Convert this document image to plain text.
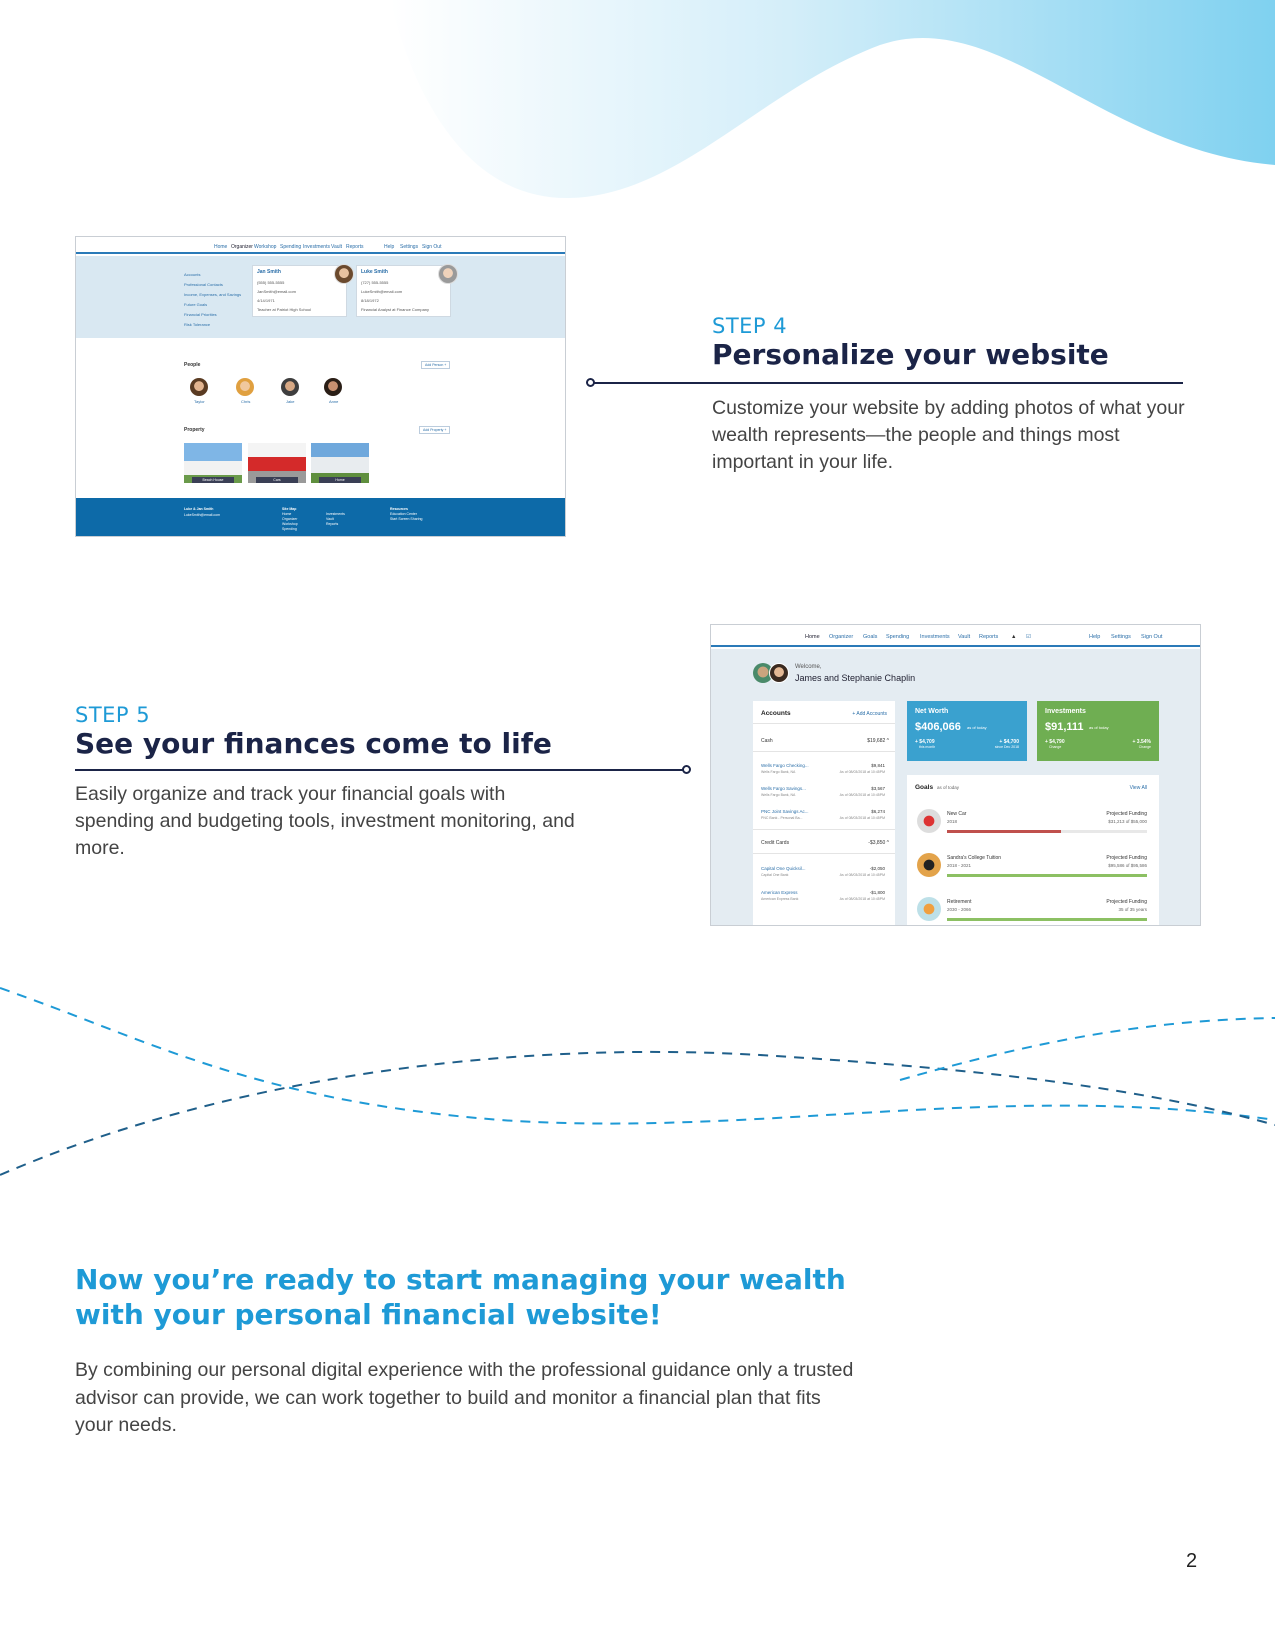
Home Organizer Workshop Spending Investments Vault Reports	Help Settings Sign Out
Accounts
Professional Contacts
Income, Expenses, and Savings
Future Goals
Financial Priorities
Risk Tolerance
Jan Smith
(555) 555-5555
JanSmith@email.com
4/14/1971
Teacher at Patriot High School
Luke Smith
(727) 555-5555
LukeSmith@email.com
8/18/1972
Financial Analyst at Finance Company
People	Add Person +
Taylor	Chris	Jake	Anne
Property	Add Property +
Beach House	Cars	Home
Luke & Jan Smith
LukeSmith@email.com
Site Map
Home
Organizer
Workshop
Spending
Investments
Vault
Reports
Resources
Education Center
Start Screen Sharing
STEP 4
Personalize your website
Customize your website by adding photos of what your wealth represents—the people and things most important in your life.
Home Organizer Goals Spending Investments Vault Reports ▲ ☑	Help Settings Sign Out
Welcome,
James and Stephanie Chaplin
Accounts	+ Add Accounts
Cash	$19,682 ^
Wells Fargo Checking...
Wells Fargo Bank, NA
$9,841
As of 08/03/2018 at 10:45PM
Wells Fargo Savings...
Wells Fargo Bank, NA
$3,567
As of 08/03/2018 at 10:45PM
PNC Joint Savings Ac...
PNC Bank - Personal Ba...
$6,274
As of 08/03/2018 at 10:45PM
Credit Cards	-$3,850 ^
Capital One Quicksil...
Capital One Bank
-$2,050
As of 08/03/2018 at 10:45PM
American Express
American Express Bank
-$1,800
As of 08/03/2018 at 10:45PM
Net Worth
$406,066 as of today
+ $4,709
this month
+ $4,700
since Dec 2018
Investments
$91,111 as of today
+ $4,790
Change
+ 3.54%
Change
Goals as of today	View All
New Car
2018
Projected Funding
$31,213 of $55,000
Sandra's College Tuition
2018 - 2021
Projected Funding
$95,586 of $95,586
Retirement
2030 - 2066
Projected Funding
35 of 35 years
STEP 5
See your finances come to life
Easily organize and track your financial goals with spending and budgeting tools, investment monitoring, and more.
Now you’re ready to start managing your wealth with your personal financial website!
By combining our personal digital experience with the professional guidance only a trusted advisor can provide, we can work together to build and monitor a financial plan that fits your needs.
2
